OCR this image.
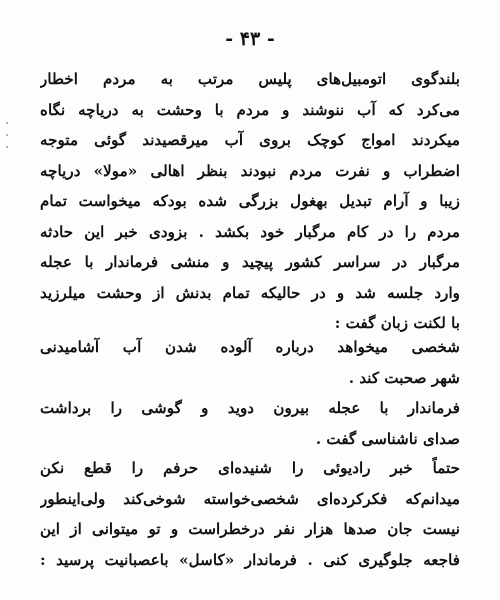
- ۴۳ -
بلندگوی اتومبیل‌های پلیس مرتب به مردم اخطار
می‌کرد که آب ننوشند و مردم با وحشت به دریاچه نگاه
میکردند امواج کوچک بروی آب میرقصیدند گوئی متوجه
اضطراب و نفرت مردم نبودند بنظر اهالی «مولا» دریاچه
زیبا و آرام تبدیل بهغول بزرگی شده بودکه میخواست تمام
مردم را در کام مرگبار خود بکشد . بزودی خبر این حادثه
مرگبار در سراسر کشور پیچید و منشی فرماندار با عجله
وارد جلسه شد و در حالیکه تمام بدنش از وحشت میلرزید
با لکنت زبان گفت :
شخصی میخواهد درباره آلوده شدن آب آشامیدنی
شهر صحبت کند .
فرماندار با عجله بیرون دوید و گوشی را برداشت
صدای ناشناسی گفت .
حتماً خبر رادیوئی را شنیده‌ای حرفم را قطع نکن
میدانم‌که فکرکرده‌ای شخصی‌خواسته شوخی‌کند ولی‌اینطور
نیست جان صدها هزار نفر درخطراست و تو میتوانی از این
فاجعه جلوگیری کنی . فرماندار «کاسل» باعصبانیت پرسید :
